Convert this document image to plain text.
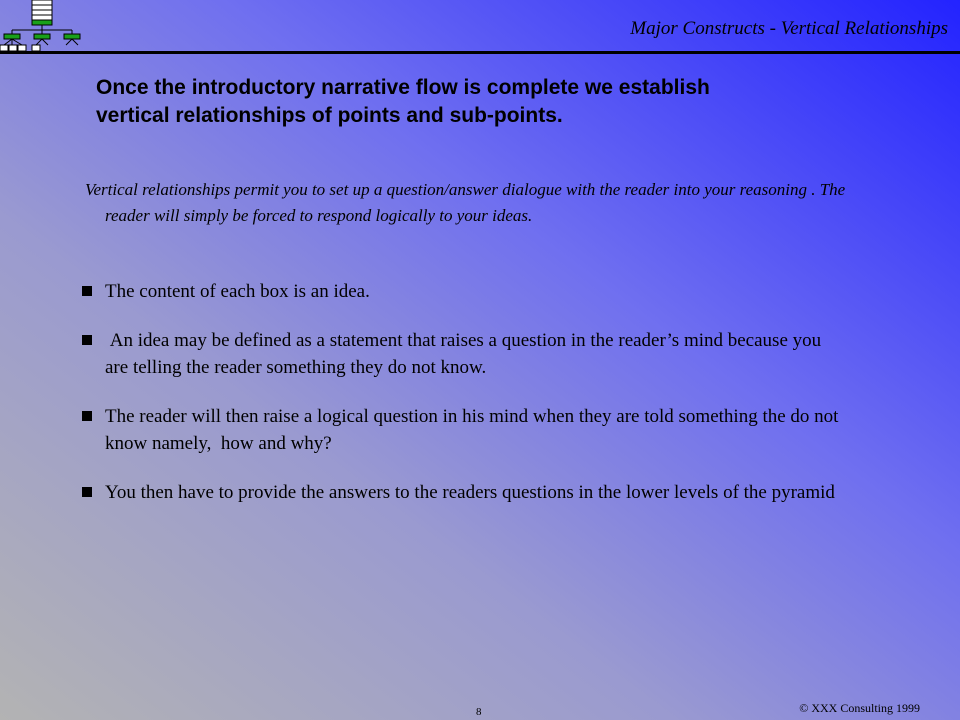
Major Constructs - Vertical Relationships
Once the introductory narrative flow is complete we establish
vertical relationships of points and sub-points.
Vertical relationships permit you to set up a question/answer dialogue with the reader into your reasoning . The reader will simply be forced to respond logically to your ideas.
The content of each box is an idea.
An idea may be defined as a statement that raises a question in the reader’s mind because you are telling the reader something they do not know.
The reader will then raise a logical question in his mind when they are told something the do not know namely,  how and why?
You then have to provide the answers to the readers questions in the lower levels of the pyramid
8	© XXX Consulting 1999
